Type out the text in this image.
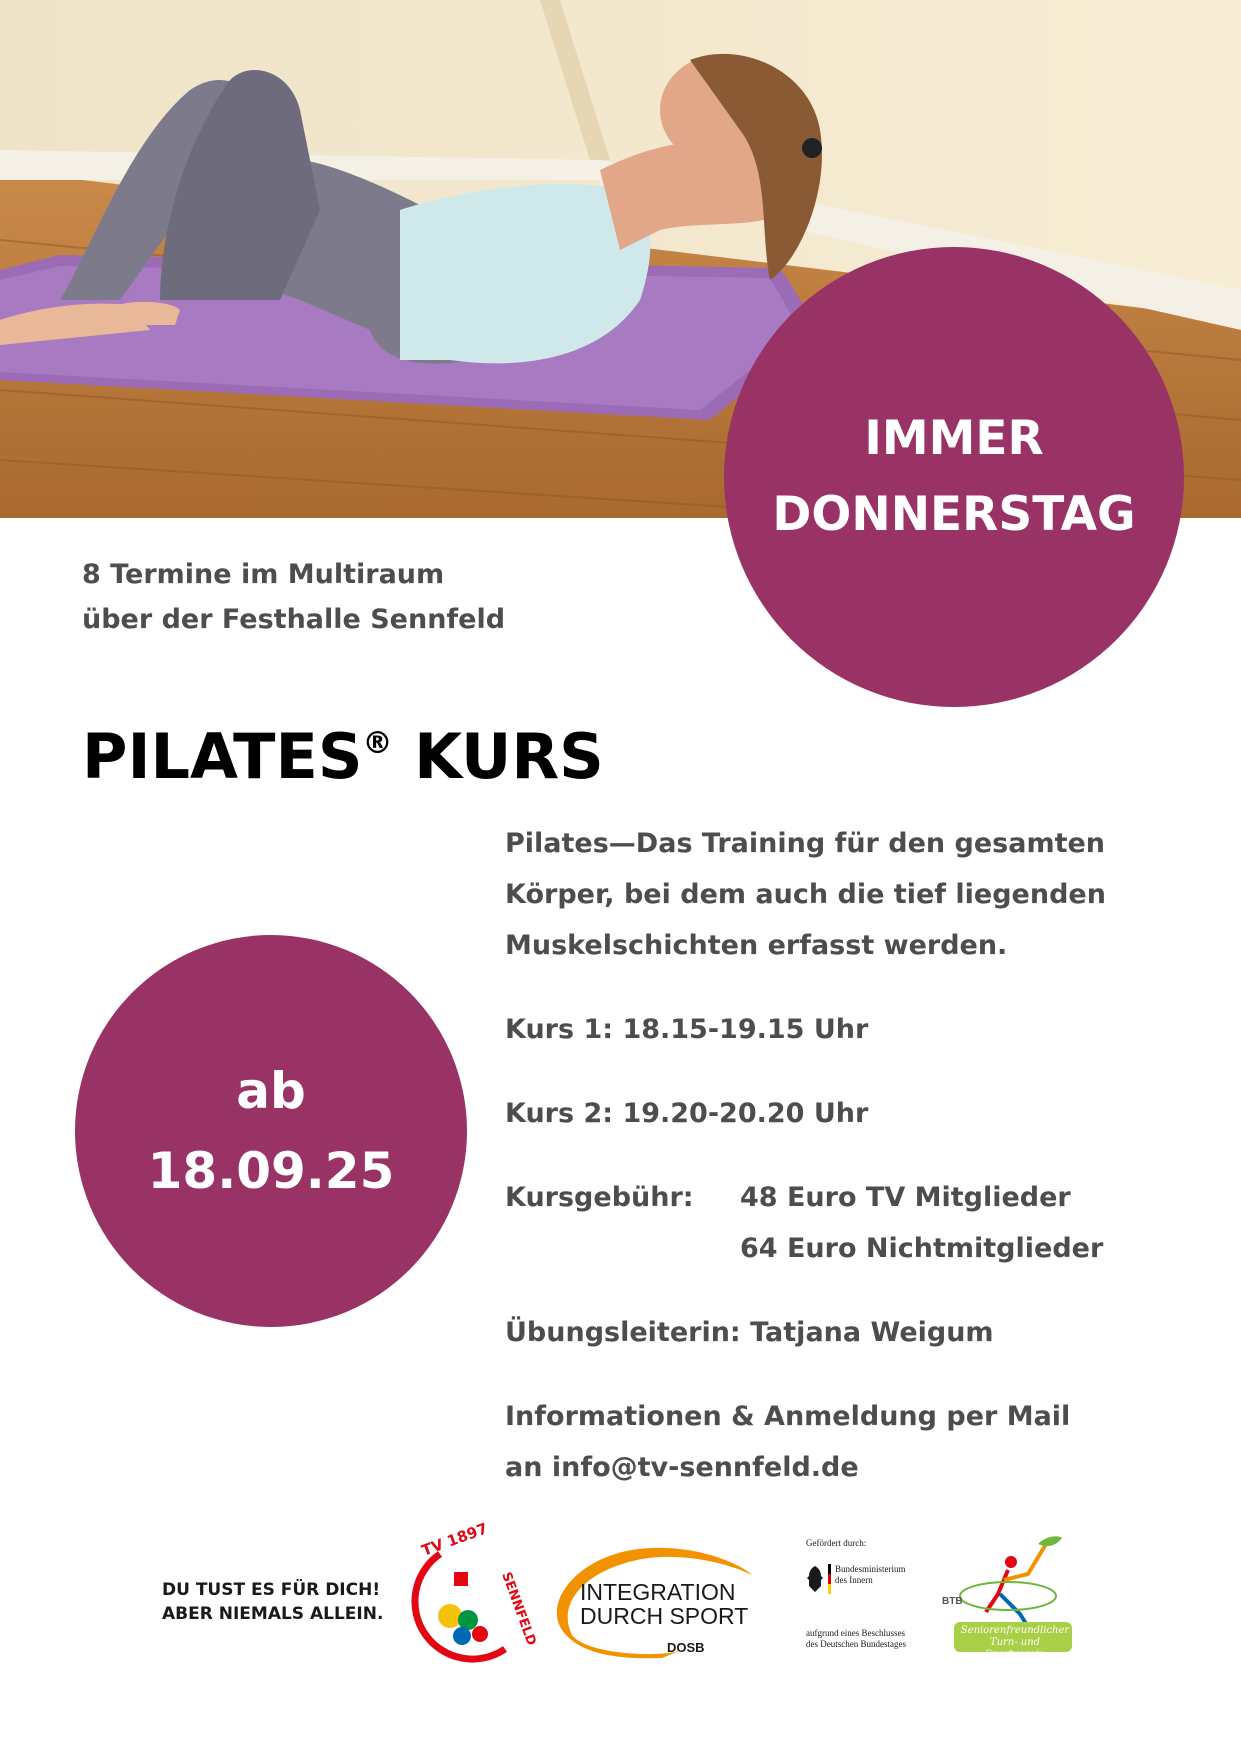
IMMER
DONNERSTAG
8 Termine im Multiraum
über der Festhalle Sennfeld
PILATES® KURS
ab
18.09.25

Pilates—Das Training für den gesamten

Körper, bei dem auch die tief liegenden

Muskelschichten erfasst werden.

Kurs 1: 18.15-19.15 Uhr

Kurs 2: 19.20-20.20 Uhr

Kursgebühr:	48 Euro TV Mitglieder
64 Euro Nichtmitglieder

Übungsleiterin: Tatjana Weigum

Informationen & Anmeldung per Mail

an info@tv-sennfeld.de

DU TUST ES FÜR DICH!
ABER NIEMALS ALLEIN.
TV 1897
SENNFELD INTEGRATION
DURCH SPORT
DOSB
Gefördert durch:
Bundesministerium
des Innern
aufgrund eines Beschlusses
des Deutschen Bundestages
BTB
Seniorenfreundlicher
Turn- und Sportverein
